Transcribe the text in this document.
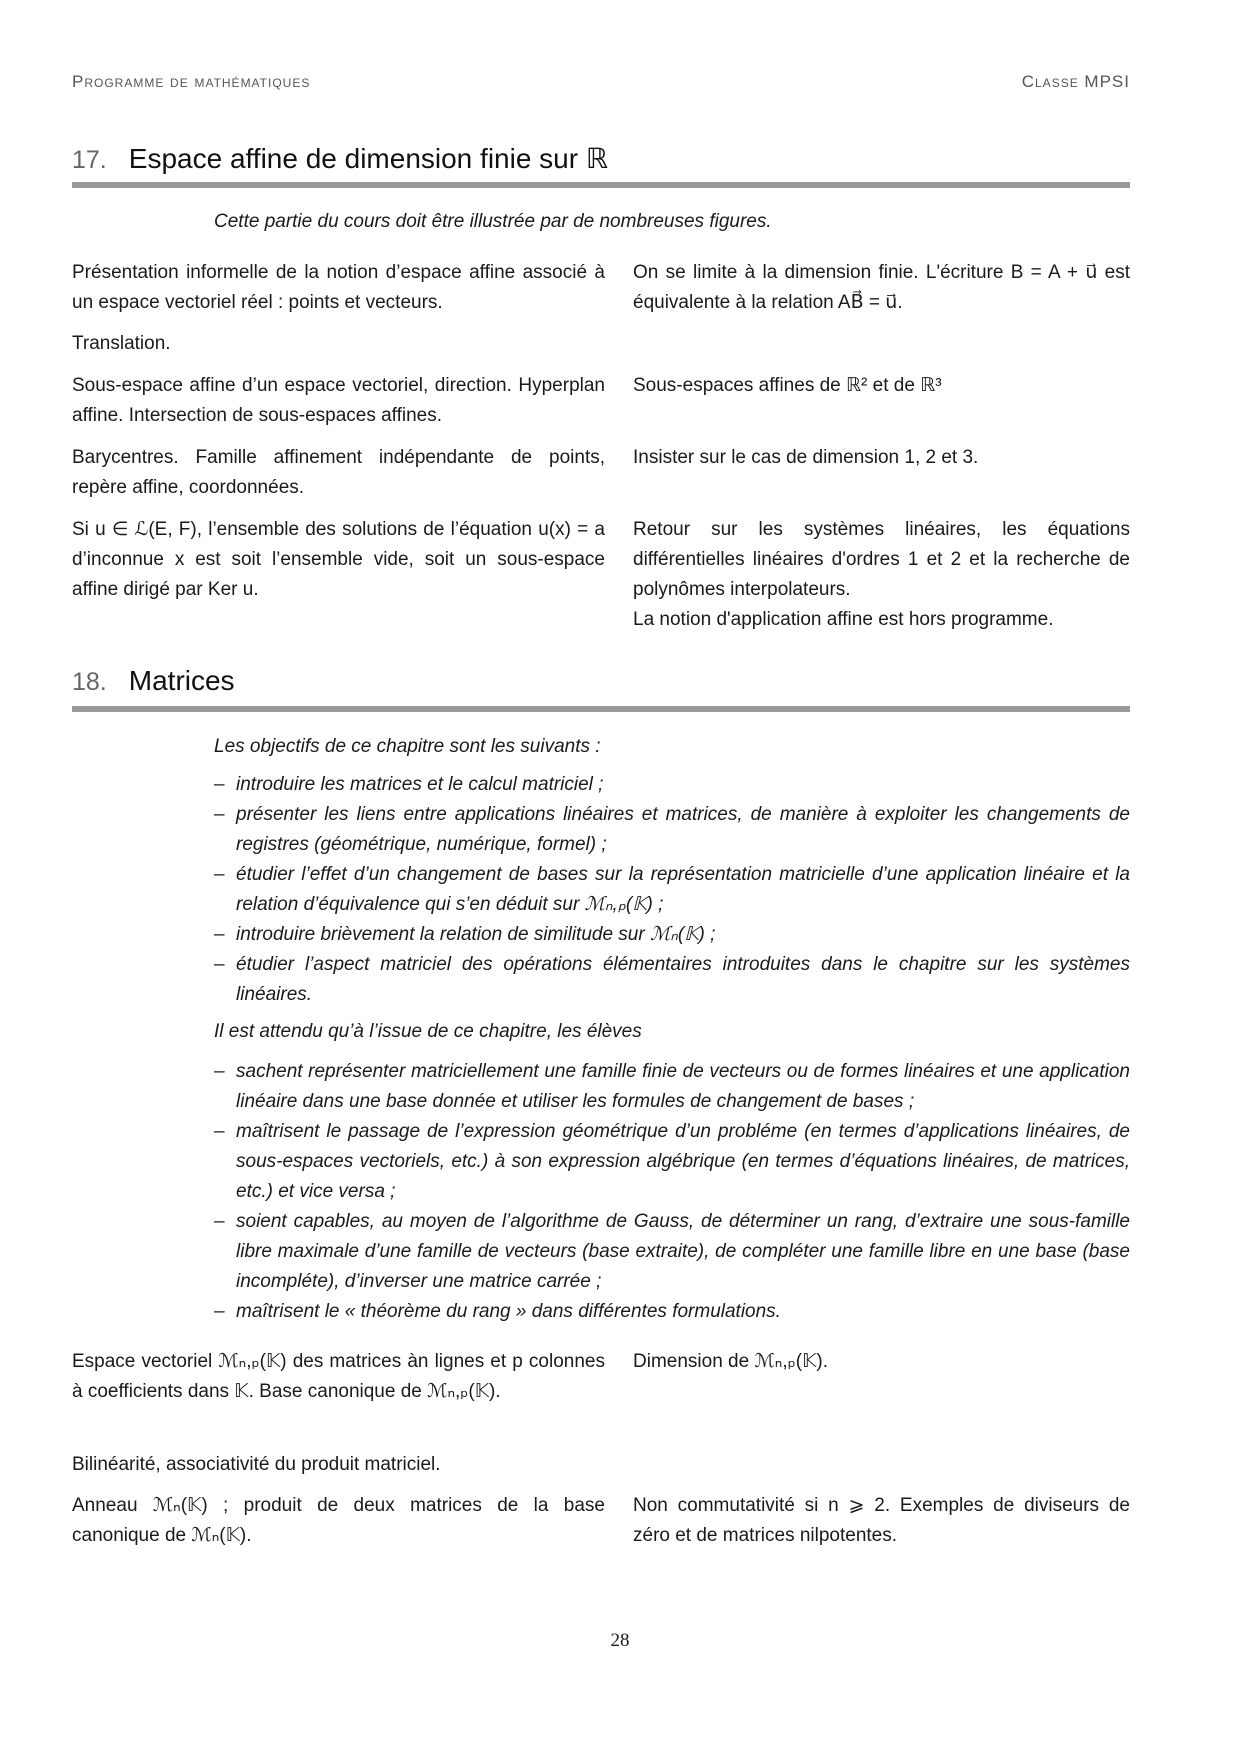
Programme de mathématiques	Classe MPSI
17. Espace affine de dimension finie sur ℝ
Cette partie du cours doit être illustrée par de nombreuses figures.
Présentation informelle de la notion d’espace affine associé à un espace vectoriel réel : points et vecteurs.
On se limite à la dimension finie. L'écriture B = A + u⃗ est équivalente à la relation AB⃗ = u⃗.
Translation.
Sous-espace affine d’un espace vectoriel, direction. Hyperplan affine. Intersection de sous-espaces affines.
Sous-espaces affines de ℝ² et de ℝ³
Barycentres. Famille affinement indépendante de points, repère affine, coordonnées.
Insister sur le cas de dimension 1, 2 et 3.
Si u ∈ ℒ(E, F), l’ensemble des solutions de l’équation u(x) = a d’inconnue x est soit l’ensemble vide, soit un sous-espace affine dirigé par Ker u.
Retour sur les systèmes linéaires, les équations différentielles linéaires d'ordres 1 et 2 et la recherche de polynômes interpolateurs.
La notion d'application affine est hors programme.
18. Matrices
Les objectifs de ce chapitre sont les suivants :
– introduire les matrices et le calcul matriciel ;
– présenter les liens entre applications linéaires et matrices, de manière à exploiter les changements de registres (géométrique, numérique, formel) ;
– étudier l’effet d’un changement de bases sur la représentation matricielle d’une application linéaire et la relation d’équivalence qui s’en déduit sur ℳₙ,ₚ(𝕂) ;
– introduire brièvement la relation de similitude sur ℳₙ(𝕂) ;
– étudier l’aspect matriciel des opérations élémentaires introduites dans le chapitre sur les systèmes linéaires.
Il est attendu qu’à l’issue de ce chapitre, les élèves
– sachent représenter matriciellement une famille finie de vecteurs ou de formes linéaires et une application linéaire dans une base donnée et utiliser les formules de changement de bases ;
– maîtrisent le passage de l’expression géométrique d’un probléme (en termes d’applications linéaires, de sous-espaces vectoriels, etc.) à son expression algébrique (en termes d’équations linéaires, de matrices, etc.) et vice versa ;
– soient capables, au moyen de l’algorithme de Gauss, de déterminer un rang, d’extraire une sous-famille libre maximale d’une famille de vecteurs (base extraite), de compléter une famille libre en une base (base incompléte), d’inverser une matrice carrée ;
– maîtrisent le « théorème du rang » dans différentes formulations.
Espace vectoriel ℳₙ,ₚ(𝕂) des matrices àn lignes et p colonnes à coefficients dans 𝕂. Base canonique de ℳₙ,ₚ(𝕂).
Dimension de ℳₙ,ₚ(𝕂).
Bilinéarité, associativité du produit matriciel.
Anneau ℳₙ(𝕂) ; produit de deux matrices de la base canonique de ℳₙ(𝕂).
Non commutativité si n ⩾ 2. Exemples de diviseurs de zéro et de matrices nilpotentes.
28
